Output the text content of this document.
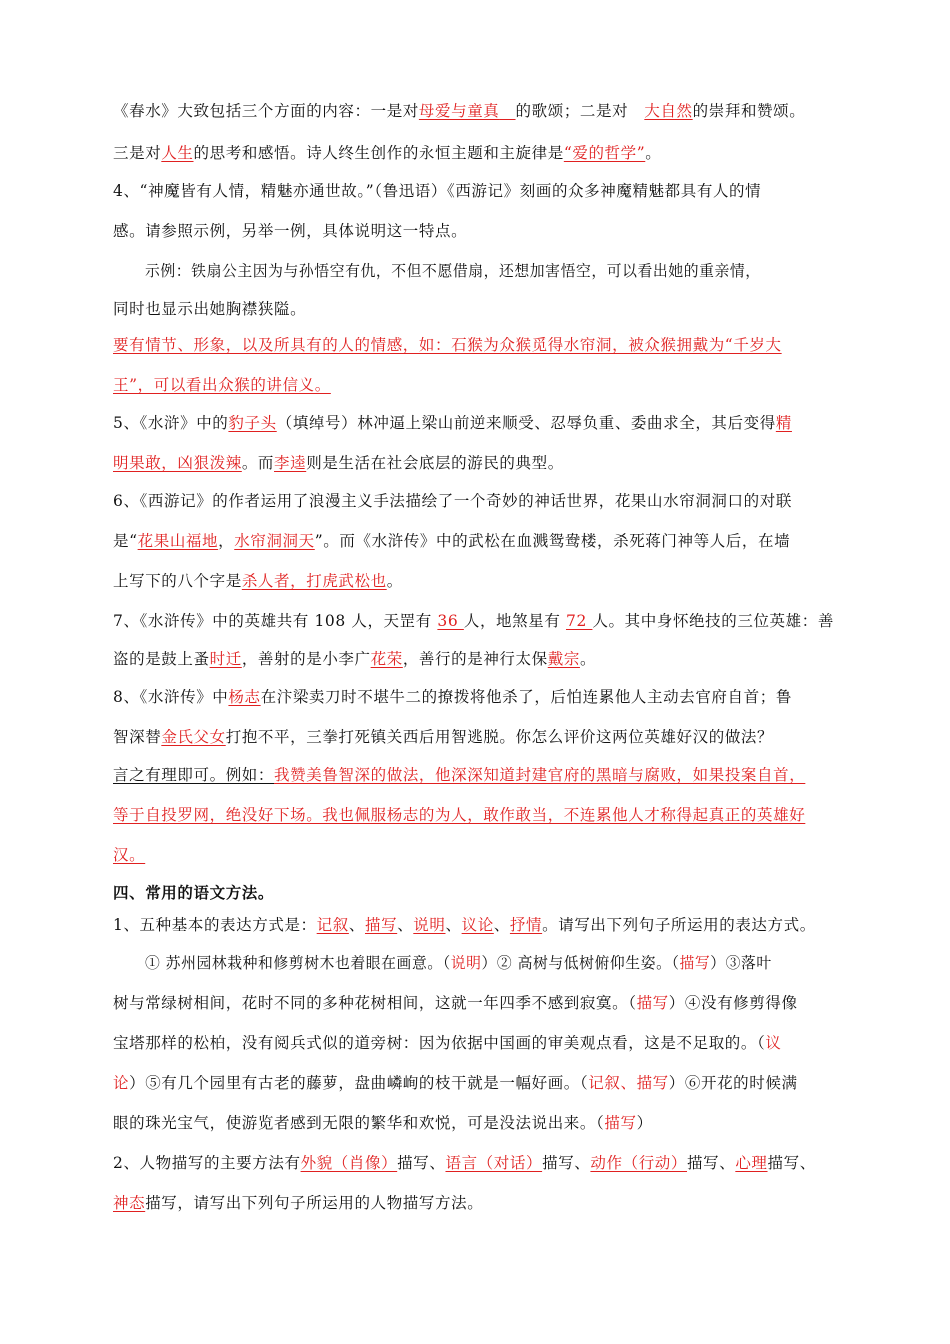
《春水》大致包括三个方面的内容：一是对母爱与童真　 的歌颂；二是对　大自然的崇拜和赞颂。
三是对人生的思考和感悟。诗人终生创作的永恒主题和主旋律是“爱的哲学”。
4、“神魔皆有人情，精魅亦通世故。”（鲁迅语）《西游记》刻画的众多神魔精魅都具有人的情
感。请参照示例，另举一例，具体说明这一特点。
示例：铁扇公主因为与孙悟空有仇，不但不愿借扇，还想加害悟空，可以看出她的重亲情，
同时也显示出她胸襟狭隘。
要有情节、形象，以及所具有的人的情感，如：石猴为众猴觅得水帘洞，被众猴拥戴为“千岁大
王”，可以看出众猴的讲信义。
5、《水浒》中的豹子头（填绰号）林冲逼上梁山前逆来顺受、忍辱负重、委曲求全，其后变得精
明果敢，凶狠泼辣。而李逵则是生活在社会底层的游民的典型。
6、《西游记》的作者运用了浪漫主义手法描绘了一个奇妙的神话世界，花果山水帘洞洞口的对联
是“花果山福地，水帘洞洞天”。而《水浒传》中的武松在血溅鸳鸯楼，杀死蒋门神等人后，在墙
上写下的八个字是杀人者，打虎武松也。
7、《水浒传》中的英雄共有 108 人，天罡有 36 人，地煞星有 72 人。其中身怀绝技的三位英雄：善
盗的是鼓上蚤时迁，善射的是小李广花荣，善行的是神行太保戴宗。
8、《水浒传》中杨志在汴梁卖刀时不堪牛二的撩拨将他杀了，后怕连累他人主动去官府自首；鲁
智深替金氏父女打抱不平，三拳打死镇关西后用智逃脱。你怎么评价这两位英雄好汉的做法？
言之有理即可。例如：我赞美鲁智深的做法，他深深知道封建官府的黑暗与腐败，如果投案自首，
等于自投罗网，绝没好下场。我也佩服杨志的为人，敢作敢当，不连累他人才称得起真正的英雄好
汉。
四、常用的语文方法。
1、五种基本的表达方式是：记叙、描写、说明、议论、抒情。请写出下列句子所运用的表达方式。
① 苏州园林栽种和修剪树木也着眼在画意。（说明）② 高树与低树俯仰生姿。（描写）③落叶
树与常绿树相间，花时不同的多种花树相间，这就一年四季不感到寂寞。（描写）④没有修剪得像
宝塔那样的松柏，没有阅兵式似的道旁树：因为依据中国画的审美观点看，这是不足取的。（议
论）⑤有几个园里有古老的藤萝，盘曲嶙峋的枝干就是一幅好画。（记叙、描写）⑥开花的时候满
眼的珠光宝气，使游览者感到无限的繁华和欢悦，可是没法说出来。（描写）
2、人物描写的主要方法有外貌（肖像）描写、语言（对话）描写、动作（行动）描写、心理描写、
神态描写，请写出下列句子所运用的人物描写方法。
